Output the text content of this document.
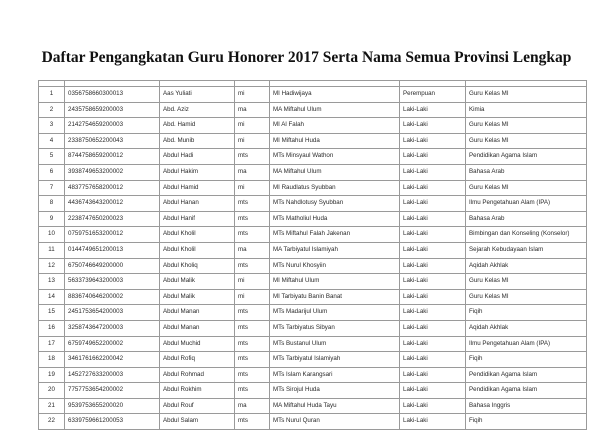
Daftar Pengangkatan Guru Honorer 2017 Serta Nama Semua Provinsi Lengkap

1	0356758660300013	Aas Yuliati	mi	MI Hadiwijaya	Perempuan	Guru Kelas MI
2	2435758659200003	Abd. Aziz	ma	MA Miftahul Ulum	Laki-Laki	Kimia
3	2142754659200003	Abd. Hamid	mi	MI Al Falah	Laki-Laki	Guru Kelas MI
4	2338750652200043	Abd. Munib	mi	MI Miftahul Huda	Laki-Laki	Guru Kelas MI
5	8744758659200012	Abdul Hadi	mts	MTs Minsyaul Wathon	Laki-Laki	Pendidikan Agama Islam
6	3938749653200002	Abdul Hakim	ma	MA Miftahul Ulum	Laki-Laki	Bahasa Arab
7	4837757658200012	Abdul Hamid	mi	MI Raudlatus Syubban	Laki-Laki	Guru Kelas MI
8	4436743643200012	Abdul Hanan	mts	MTs Nahdlotusy Syubban	Laki-Laki	Ilmu Pengetahuan Alam (IPA)
9	2238747650200023	Abdul Hanif	mts	MTs Matholiul Huda	Laki-Laki	Bahasa Arab
10	0759751653200012	Abdul Kholil	mts	MTs Miftahul Falah Jakenan	Laki-Laki	Bimbingan dan Konseling (Konselor)
11	0144749651200013	Abdul Kholil	ma	MA Tarbiyatul Islamiyah	Laki-Laki	Sejarah Kebudayaan Islam
12	6750746649200000	Abdul Kholiq	mts	MTs Nurul Khosyiin	Laki-Laki	Aqidah Akhlak
13	5633739643200003	Abdul Malik	mi	MI Miftahul Ulum	Laki-Laki	Guru Kelas MI
14	8836740646200002	Abdul Malik	mi	MI Tarbiyatu Banin Banat	Laki-Laki	Guru Kelas MI
15	2451753654200003	Abdul Manan	mts	MTs Madarijul Ulum	Laki-Laki	Fiqih
16	3258743647200003	Abdul Manan	mts	MTs Tarbiyatus Sibyan	Laki-Laki	Aqidah Akhlak
17	6759749652200002	Abdul Muchid	mts	MTs Bustanul Ulum	Laki-Laki	Ilmu Pengetahuan Alam (IPA)
18	3461761662200042	Abdul Rofiq	mts	MTs Tarbiyatul Islamiyah	Laki-Laki	Fiqih
19	1452727633200003	Abdul Rohmad	mts	MTs Islam Karangsari	Laki-Laki	Pendidikan Agama Islam
20	7757753654200002	Abdul Rokhim	mts	MTs Sirojul Huda	Laki-Laki	Pendidikan Agama Islam
21	9539753655200020	Abdul Rouf	ma	MA Miftahul Huda Tayu	Laki-Laki	Bahasa Inggris
22	6339759661200053	Abdul Salam	mts	MTs Nurul Quran	Laki-Laki	Fiqih
